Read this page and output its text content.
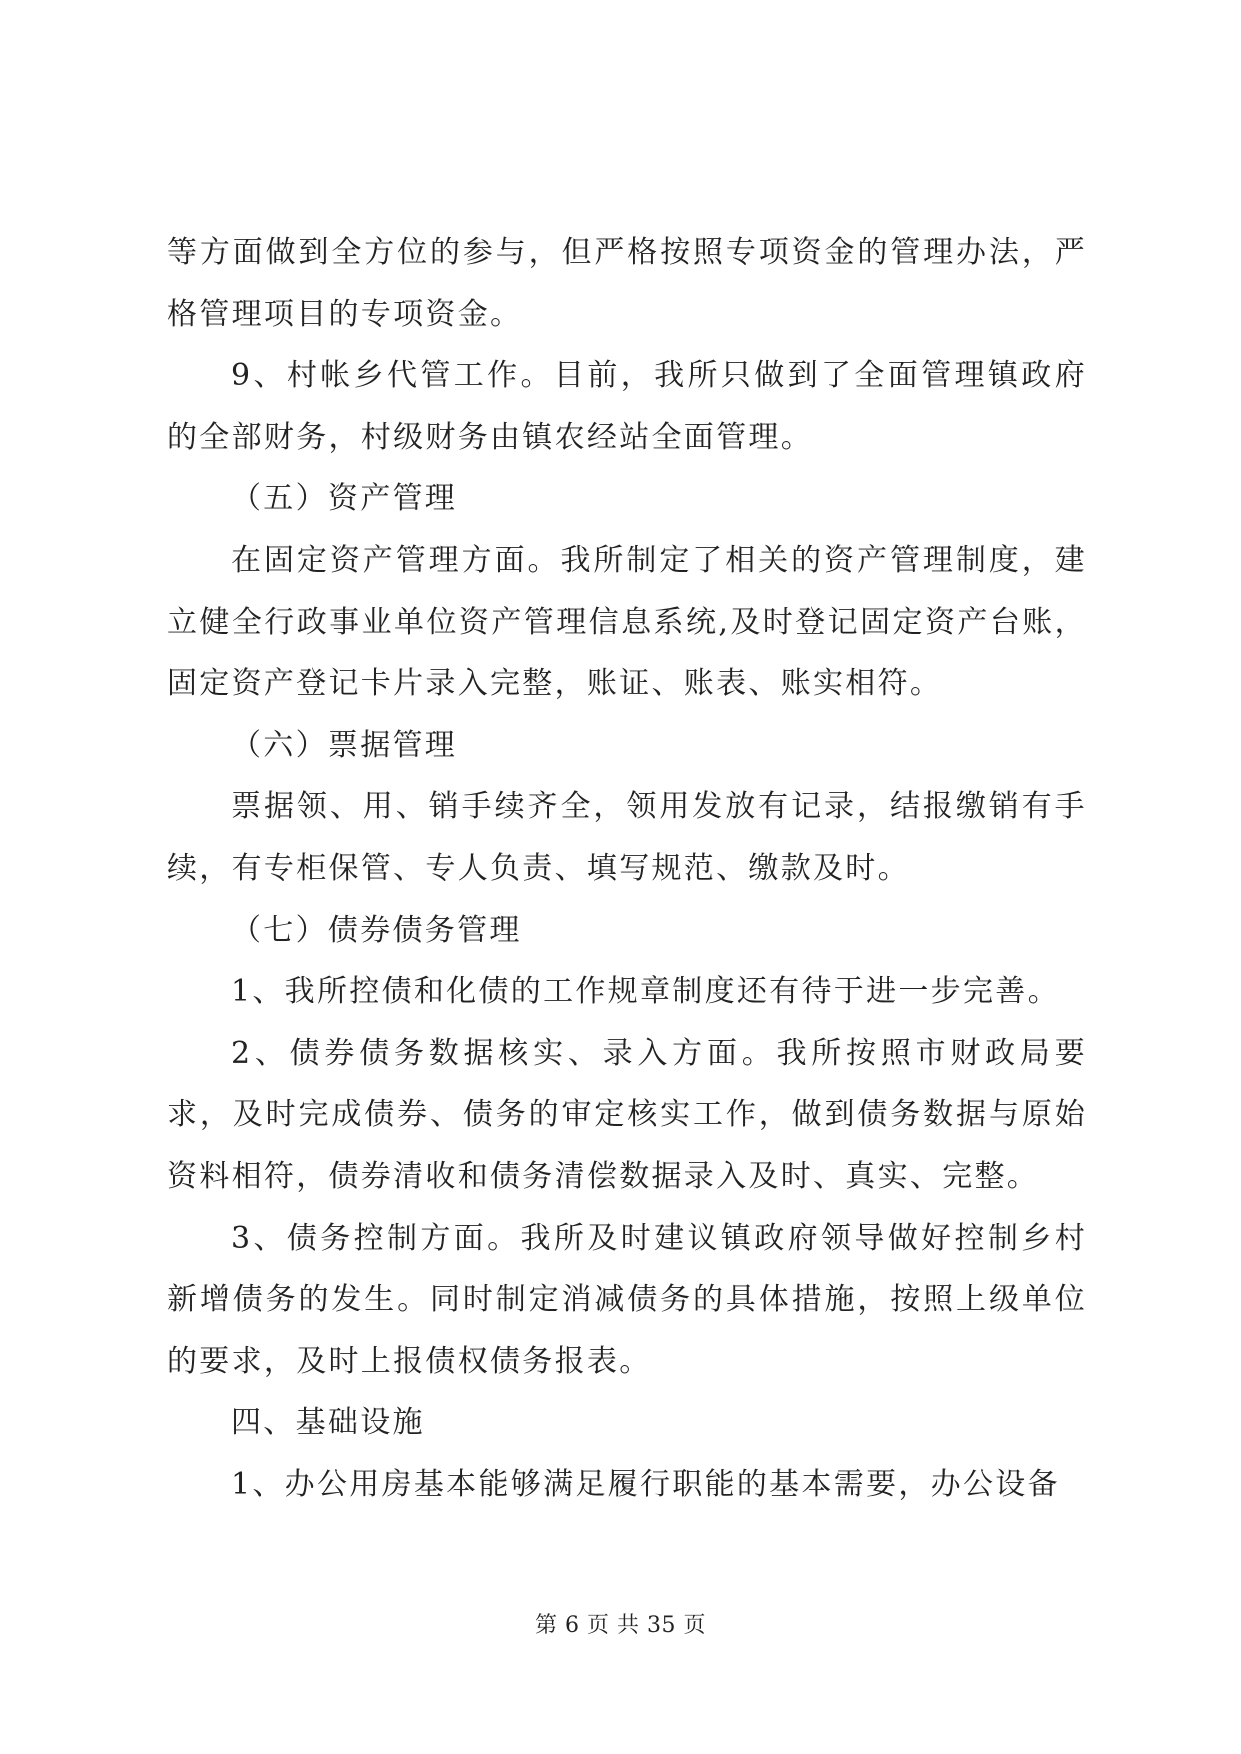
等方面做到全方位的参与，但严格按照专项资金的管理办法，严格管理项目的专项资金。

9、村帐乡代管工作。目前，我所只做到了全面管理镇政府的全部财务，村级财务由镇农经站全面管理。

（五）资产管理

在固定资产管理方面。我所制定了相关的资产管理制度，建立健全行政事业单位资产管理信息系统,及时登记固定资产台账，固定资产登记卡片录入完整，账证、账表、账实相符。

（六）票据管理

票据领、用、销手续齐全，领用发放有记录，结报缴销有手续，有专柜保管、专人负责、填写规范、缴款及时。

（七）债券债务管理

1、我所控债和化债的工作规章制度还有待于进一步完善。

2、债券债务数据核实、录入方面。我所按照市财政局要求，及时完成债券、债务的审定核实工作，做到债务数据与原始资料相符，债券清收和债务清偿数据录入及时、真实、完整。

3、债务控制方面。我所及时建议镇政府领导做好控制乡村新增债务的发生。同时制定消减债务的具体措施，按照上级单位的要求，及时上报债权债务报表。

四、基础设施

1、办公用房基本能够满足履行职能的基本需要，办公设备

第 6 页 共 35 页
